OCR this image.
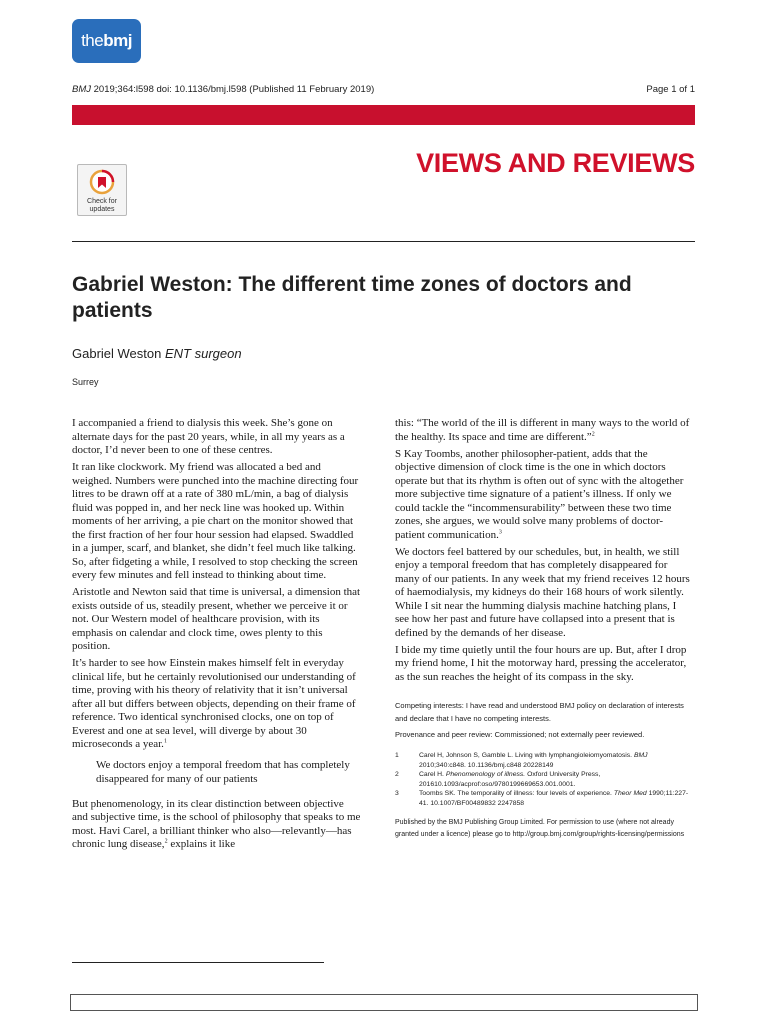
the bmj
BMJ 2019;364:l598 doi: 10.1136/bmj.l598 (Published 11 February 2019)	Page 1 of 1
VIEWS AND REVIEWS
Check for
updates
Gabriel Weston: The different time zones of doctors and patients
Gabriel Weston ENT surgeon
Surrey

I accompanied a friend to dialysis this week. She’s gone on alternate days for the past 20 years, while, in all my years as a doctor, I’d never been to one of these centres.

It ran like clockwork. My friend was allocated a bed and weighed. Numbers were punched into the machine directing four litres to be drawn off at a rate of 380 mL/min, a bag of dialysis fluid was popped in, and her neck line was hooked up. Within moments of her arriving, a pie chart on the monitor showed that the first fraction of her four hour session had elapsed. Swaddled in a jumper, scarf, and blanket, she didn’t feel much like talking. So, after fidgeting a while, I resolved to stop checking the screen every few minutes and fell instead to thinking about time.

Aristotle and Newton said that time is universal, a dimension that exists outside of us, steadily present, whether we perceive it or not. Our Western model of healthcare provision, with its emphasis on calendar and clock time, owes plenty to this position.

It’s harder to see how Einstein makes himself felt in everyday clinical life, but he certainly revolutionised our understanding of time, proving with his theory of relativity that it isn’t universal after all but differs between objects, depending on their frame of reference. Two identical synchronised clocks, one on top of Everest and one at sea level, will diverge by about 30 microseconds a year.$^1$

We doctors enjoy a temporal freedom that has completely disappeared for many of our patients

But phenomenology, in its clear distinction between objective and subjective time, is the school of philosophy that speaks to me most. Havi Carel, a brilliant thinker who also—relevantly—has chronic lung disease,$^2$ explains it like

this: “The world of the ill is different in many ways to the world of the healthy. Its space and time are different.”$^2$

S Kay Toombs, another philosopher-patient, adds that the objective dimension of clock time is the one in which doctors operate but that its rhythm is often out of sync with the altogether more subjective time signature of a patient’s illness. If only we could tackle the “incommensurability” between these two time zones, she argues, we would solve many problems of doctor-patient communication.$^3$

We doctors feel battered by our schedules, but, in health, we still enjoy a temporal freedom that has completely disappeared for many of our patients. In any week that my friend receives 12 hours of haemodialysis, my kidneys do their 168 hours of work silently. While I sit near the humming dialysis machine hatching plans, I see how her past and future have collapsed into a present that is defined by the demands of her disease.

I bide my time quietly until the four hours are up. But, after I drop my friend home, I hit the motorway hard, pressing the accelerator, as the sun reaches the height of its compass in the sky.

Competing interests: I have read and understood BMJ policy on declaration of interests and declare that I have no competing interests.

Provenance and peer review: Commissioned; not externally peer reviewed.

1	Carel H, Johnson S, Gamble L. Living with lymphangioleiomyomatosis. BMJ 2010;340:c848. 10.1136/bmj.c848 20228149
2	Carel H. Phenomenology of illness. Oxford University Press, 201610.1093/acprof:oso/9780199669653.001.0001.
3	Toombs SK. The temporality of illness: four levels of experience. Theor Med 1990;11:227-41. 10.1007/BF00489832 2247858

Published by the BMJ Publishing Group Limited. For permission to use (where not already granted under a licence) please go to http://group.bmj.com/group/rights-licensing/permissions
